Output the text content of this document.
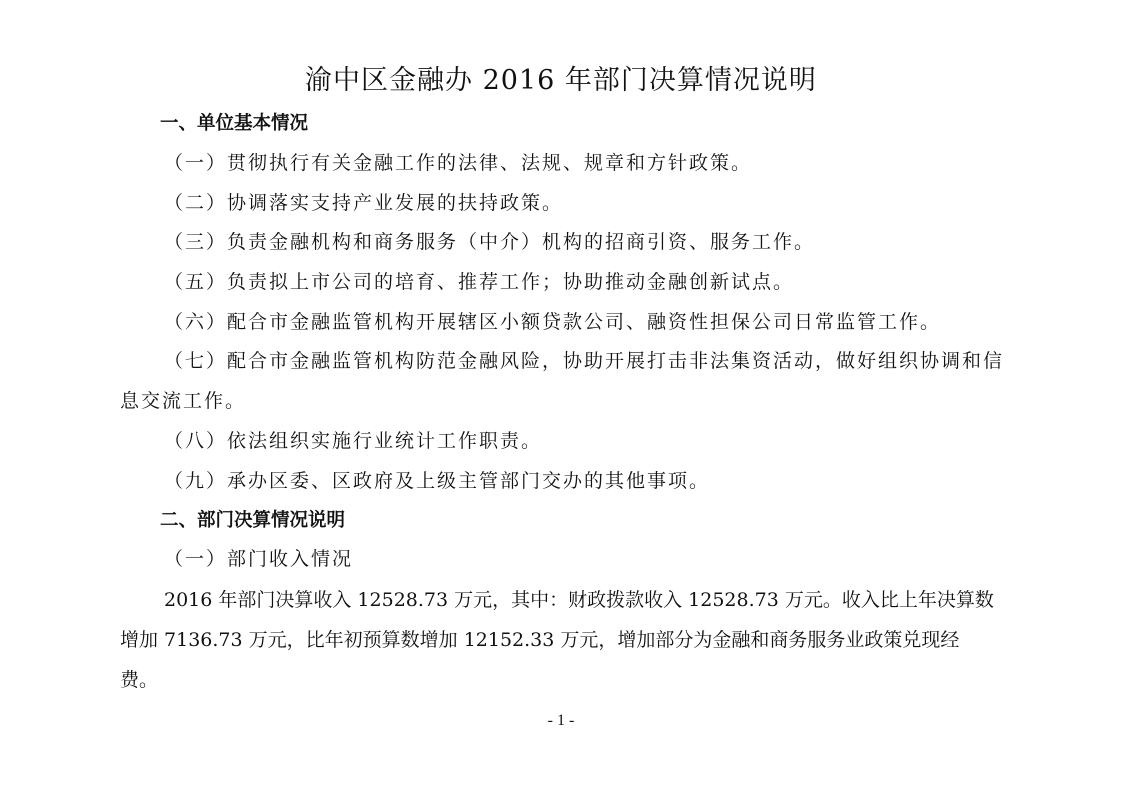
渝中区金融办 2016 年部门决算情况说明
一、单位基本情况
（一）贯彻执行有关金融工作的法律、法规、规章和方针政策。
（二）协调落实支持产业发展的扶持政策。
（三）负责金融机构和商务服务（中介）机构的招商引资、服务工作。
（五）负责拟上市公司的培育、推荐工作；协助推动金融创新试点。
（六）配合市金融监管机构开展辖区小额贷款公司、融资性担保公司日常监管工作。
（七）配合市金融监管机构防范金融风险，协助开展打击非法集资活动，做好组织协调和信
息交流工作。
（八）依法组织实施行业统计工作职责。
（九）承办区委、区政府及上级主管部门交办的其他事项。
二、部门决算情况说明
（一）部门收入情况
2016 年部门决算收入 12528.73 万元，其中：财政拨款收入 12528.73 万元。收入比上年决算数
增加 7136.73 万元，比年初预算数增加 12152.33 万元，增加部分为金融和商务服务业政策兑现经
费。
- 1 -
